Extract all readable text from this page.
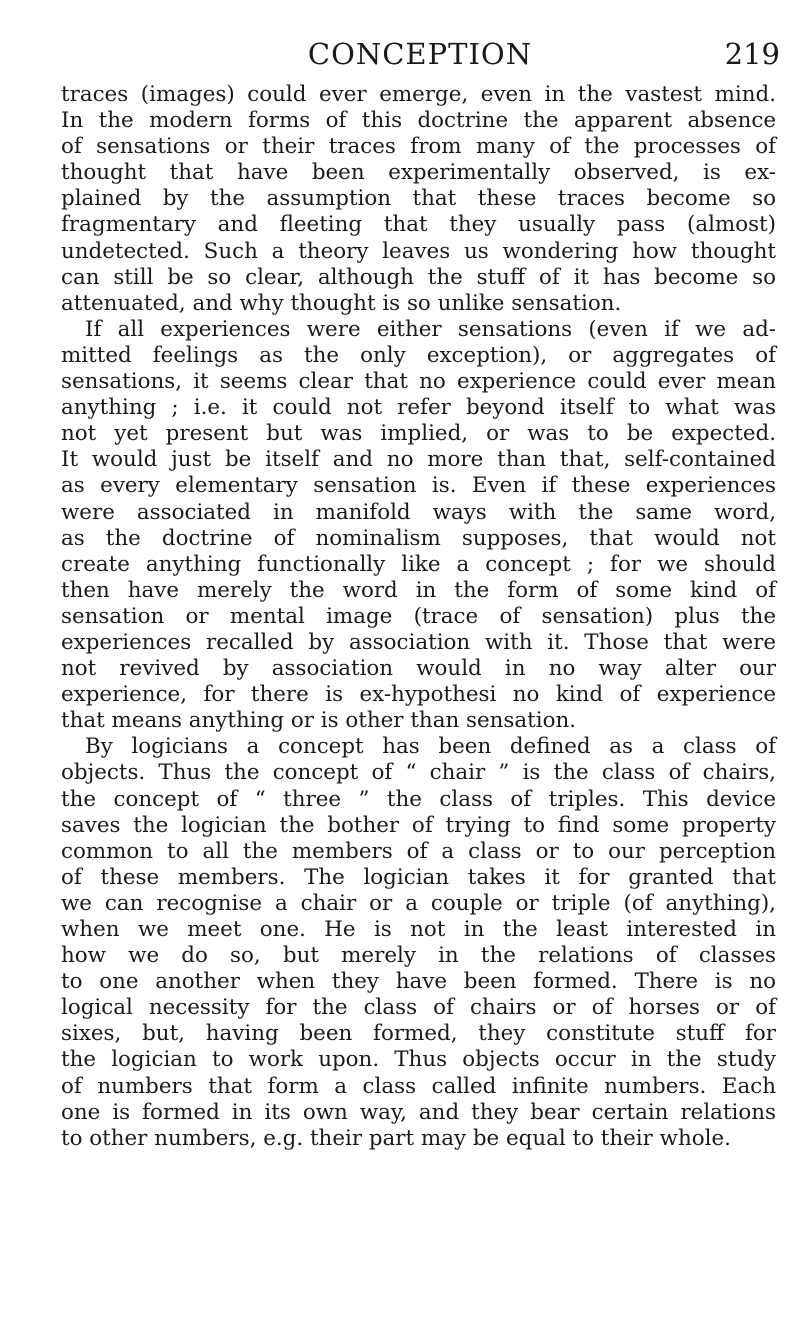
CONCEPTION	219
traces (images) could ever emerge, even in the vastest mind.
In the modern forms of this doctrine the apparent absence
of sensations or their traces from many of the processes of
thought that have been experimentally observed, is ex-
plained by the assumption that these traces become so
fragmentary and fleeting that they usually pass (almost)
undetected. Such a theory leaves us wondering how thought
can still be so clear, although the stuff of it has become so
attenuated, and why thought is so unlike sensation.
If all experiences were either sensations (even if we ad-
mitted feelings as the only exception), or aggregates of
sensations, it seems clear that no experience could ever mean
anything ; i.e. it could not refer beyond itself to what was
not yet present but was implied, or was to be expected.
It would just be itself and no more than that, self-contained
as every elementary sensation is. Even if these experiences
were associated in manifold ways with the same word,
as the doctrine of nominalism supposes, that would not
create anything functionally like a concept ; for we should
then have merely the word in the form of some kind of
sensation or mental image (trace of sensation) plus the
experiences recalled by association with it. Those that were
not revived by association would in no way alter our
experience, for there is ex-hypothesi no kind of experience
that means anything or is other than sensation.
By logicians a concept has been defined as a class of
objects. Thus the concept of “ chair ” is the class of chairs,
the concept of “ three ” the class of triples. This device
saves the logician the bother of trying to find some property
common to all the members of a class or to our perception
of these members. The logician takes it for granted that
we can recognise a chair or a couple or triple (of anything),
when we meet one. He is not in the least interested in
how we do so, but merely in the relations of classes
to one another when they have been formed. There is no
logical necessity for the class of chairs or of horses or of
sixes, but, having been formed, they constitute stuff for
the logician to work upon. Thus objects occur in the study
of numbers that form a class called infinite numbers. Each
one is formed in its own way, and they bear certain relations
to other numbers, e.g. their part may be equal to their whole.
